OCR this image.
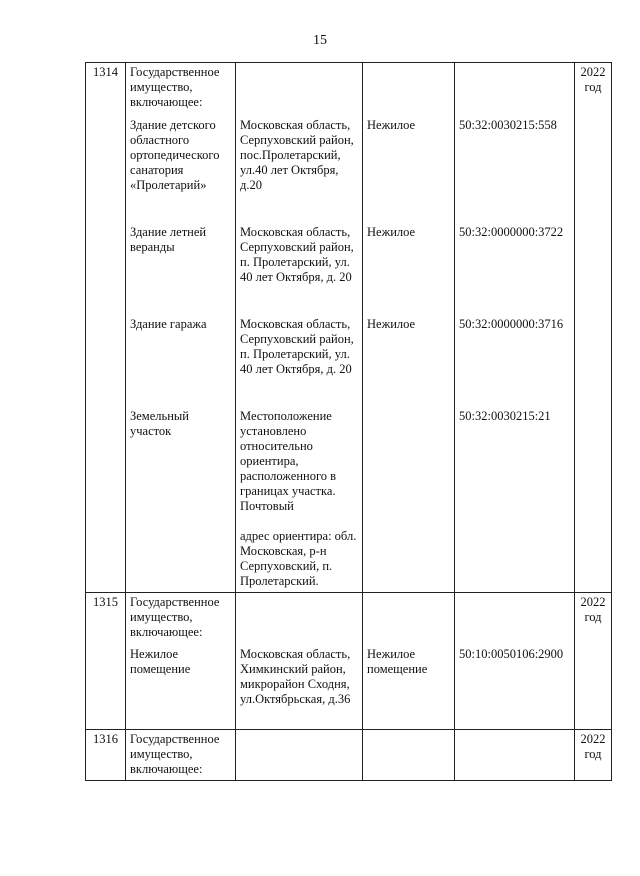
15
1314	Государственное имущество, включающее:				2022 год
	Здание детского областного ортопедического санатория «Пролетарий»	Московская область, Серпуховский район, пос.Пролетарский, ул.40 лет Октября, д.20	Нежилое	50:32:0030215:558	

	Здание летней веранды	Московская область, Серпуховский район, п. Пролетарский, ул. 40 лет Октября, д. 20	Нежилое	50:32:0000000:3722	

	Здание гаража	Московская область, Серпуховский район, п. Пролетарский, ул. 40 лет Октября, д. 20	Нежилое	50:32:0000000:3716	

	Земельный участок	Местоположение установлено относительно ориентира, расположенного в границах участка. Почтовый		50:32:0030215:21	
		адрес ориентира: обл. Московская, р-н Серпуховский, п. Пролетарский.			
1315	Государственное имущество, включающее:				2022 год
	Нежилое помещение	Московская область, Химкинский район, микрорайон Сходня, ул.Октябрьская, д.36	Нежилое помещение	50:10:0050106:2900	

1316	Государственное имущество, включающее:				2022 год
